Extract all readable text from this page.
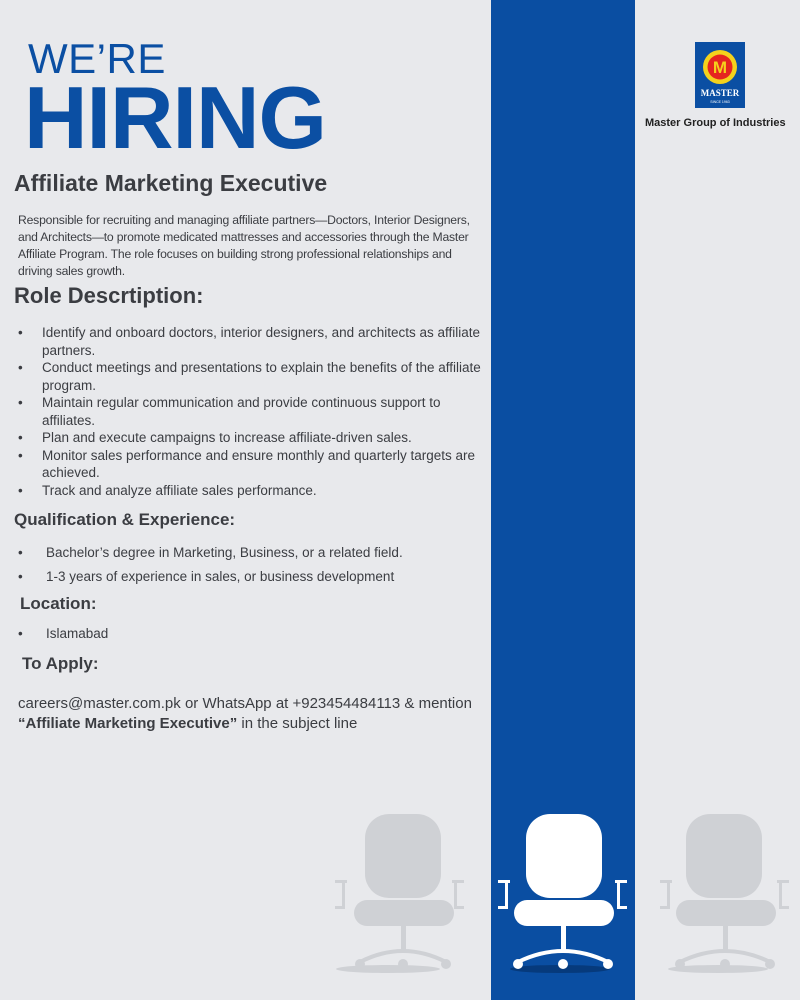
WE’RE
HIRING
M
MASTER
SINCE 1963
Master Group of Industries
Affiliate Marketing Executive
Responsible for recruiting and managing affiliate partners—Doctors, Interior Designers, and Architects—to promote medicated mattresses and accessories through the Master Affiliate Program. The role focuses on building strong professional relationships and driving sales growth.
Role Descrtiption:
• Identify and onboard doctors, interior designers, and architects as affiliate partners.
• Conduct meetings and presentations to explain the benefits of the affiliate program.
• Maintain regular communication and provide continuous support to affiliates.
• Plan and execute campaigns to increase affiliate-driven sales.
• Monitor sales performance and ensure monthly and quarterly targets are achieved.
• Track and analyze affiliate sales performance.
Qualification & Experience:
• Bachelor’s degree in Marketing, Business, or a related field.
• 1-3 years of experience in sales, or business development
Location:
• Islamabad
To Apply:
careers@master.com.pk or WhatsApp at +923454484113 & mention “Affiliate Marketing Executive” in the subject line
